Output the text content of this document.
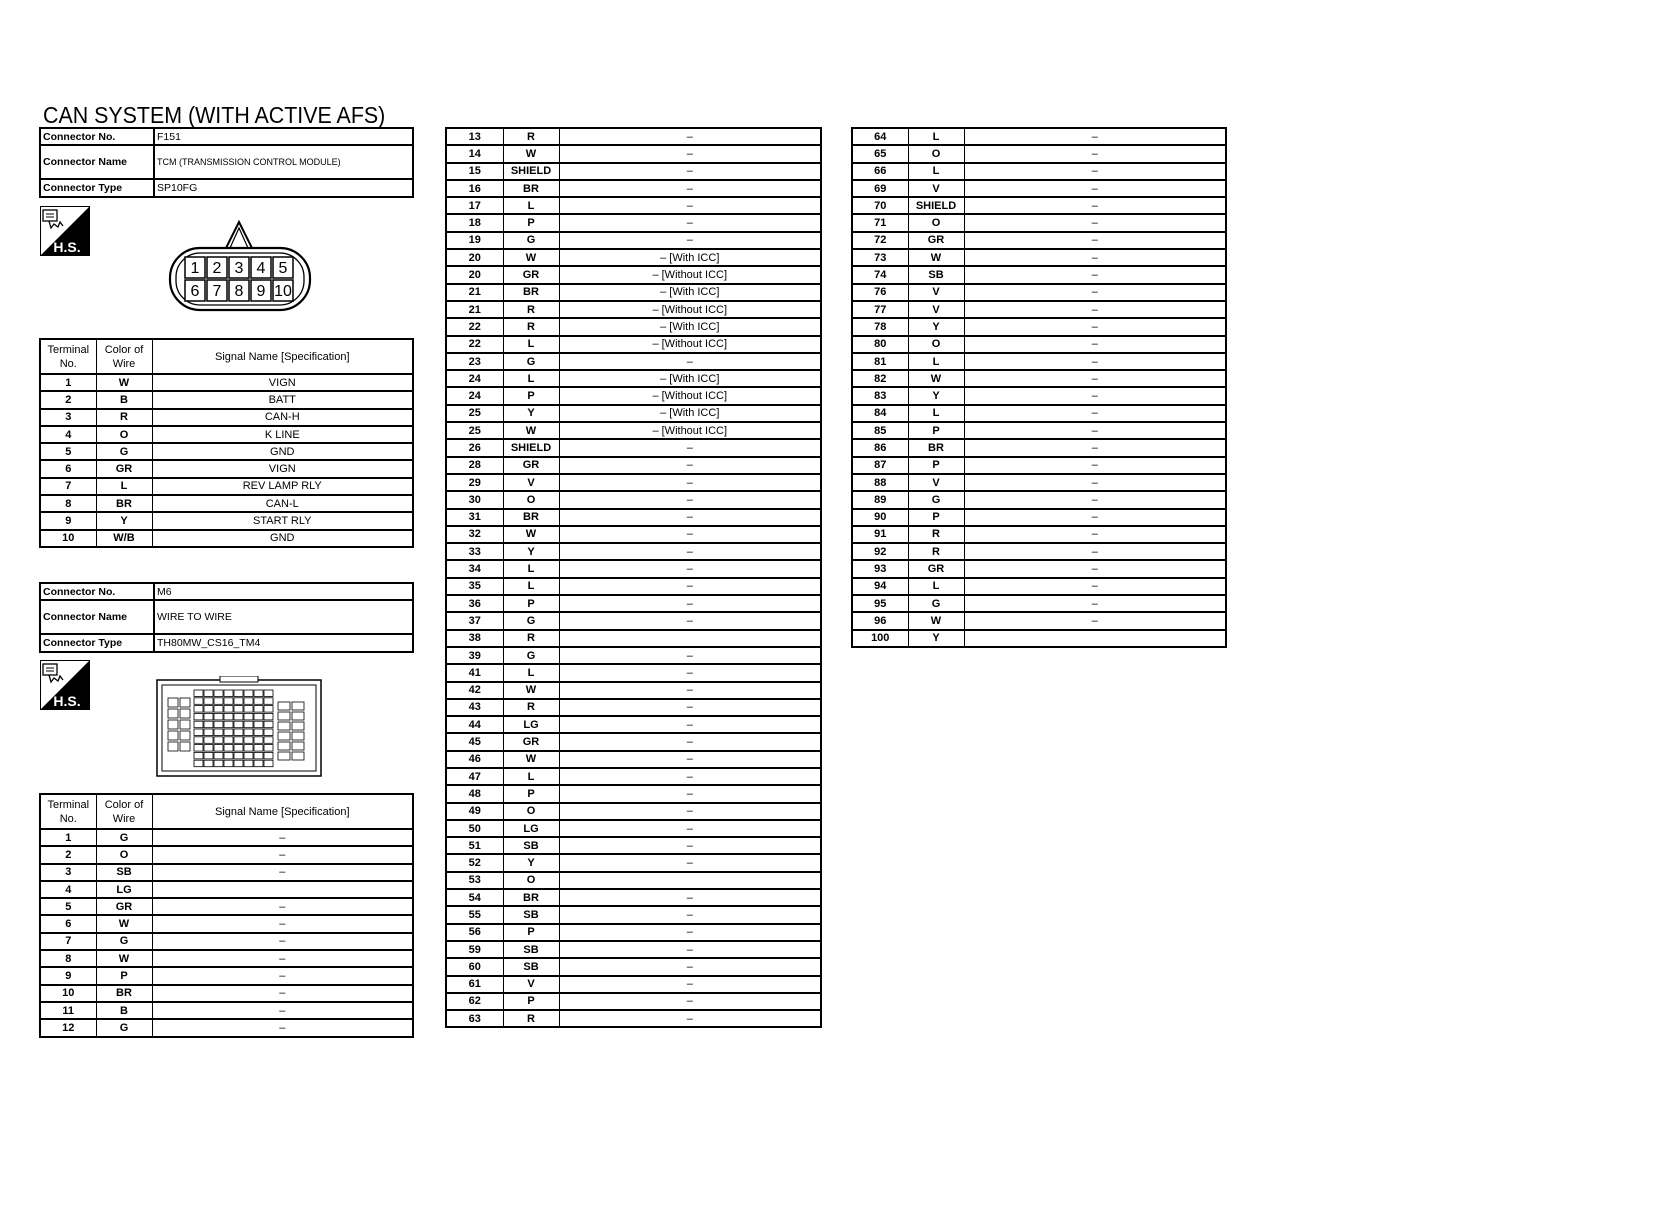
CAN SYSTEM (WITH ACTIVE AFS)
Connector No.	F151
Connector Name	TCM (TRANSMISSION CONTROL MODULE)
Connector Type	SP10FG
H.S.
1 2 3 4 5
6 7 8 9 10
Terminal No.	Color of Wire	Signal Name [Specification]
1	W	VIGN
2	B	BATT
3	R	CAN-H
4	O	K LINE
5	G	GND
6	GR	VIGN
7	L	REV LAMP RLY
8	BR	CAN-L
9	Y	START RLY
10	W/B	GND
Connector No.	M6
Connector Name	WIRE TO WIRE
Connector Type	TH80MW_CS16_TM4
H.S.
Terminal No.	Color of Wire	Signal Name [Specification]
1	G	–
2	O	–
3	SB	–
4	LG	
5	GR	–
6	W	–
7	G	–
8	W	–
9	P	–
10	BR	–
11	B	–
12	G	–
13	R	–
14	W	–
15	SHIELD	–
16	BR	–
17	L	–
18	P	–
19	G	–
20	W	– [With ICC]
20	GR	– [Without ICC]
21	BR	– [With ICC]
21	R	– [Without ICC]
22	R	– [With ICC]
22	L	– [Without ICC]
23	G	–
24	L	– [With ICC]
24	P	– [Without ICC]
25	Y	– [With ICC]
25	W	– [Without ICC]
26	SHIELD	–
28	GR	–
29	V	–
30	O	–
31	BR	–
32	W	–
33	Y	–
34	L	–
35	L	–
36	P	–
37	G	–
38	R	
39	G	–
41	L	–
42	W	–
43	R	–
44	LG	–
45	GR	–
46	W	–
47	L	–
48	P	–
49	O	–
50	LG	–
51	SB	–
52	Y	–
53	O	
54	BR	–
55	SB	–
56	P	–
59	SB	–
60	SB	–
61	V	–
62	P	–
63	R	–
64	L	–
65	O	–
66	L	–
69	V	–
70	SHIELD	–
71	O	–
72	GR	–
73	W	–
74	SB	–
76	V	–
77	V	–
78	Y	–
80	O	–
81	L	–
82	W	–
83	Y	–
84	L	–
85	P	–
86	BR	–
87	P	–
88	V	–
89	G	–
90	P	–
91	R	–
92	R	–
93	GR	–
94	L	–
95	G	–
96	W	–
100	Y	
